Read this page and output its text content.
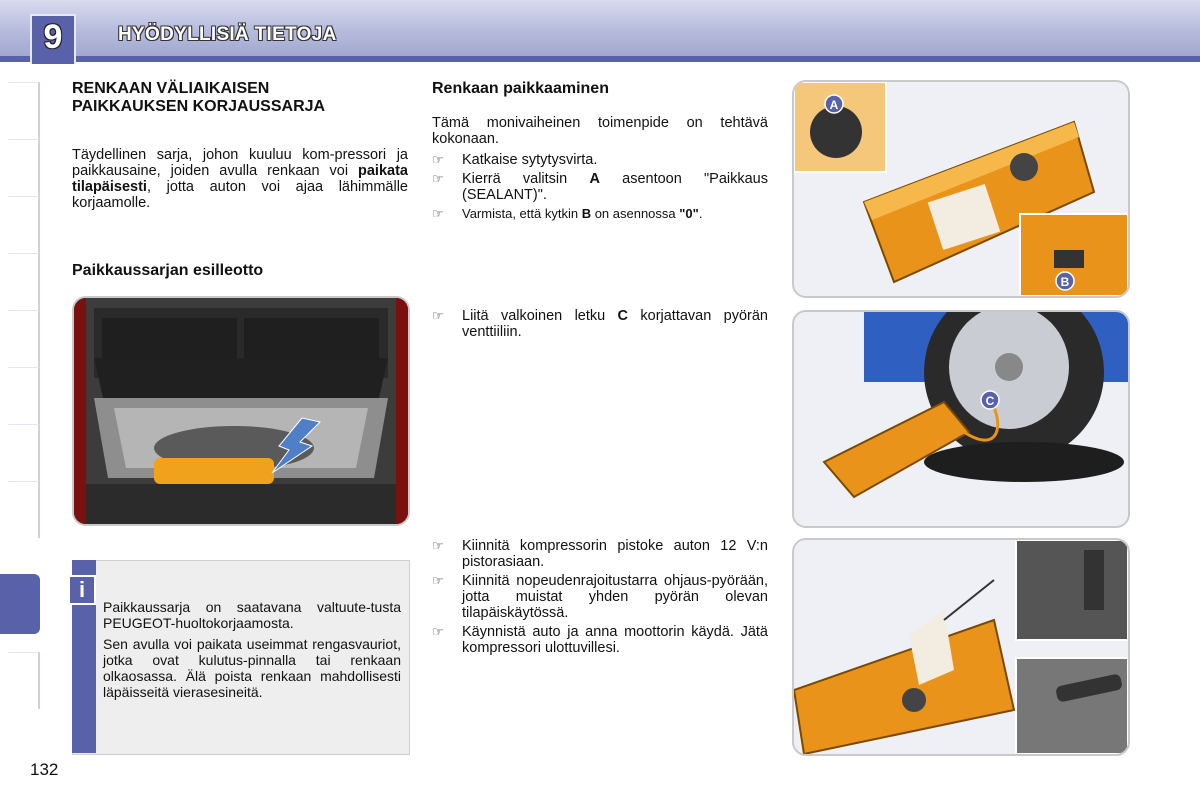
9	HYÖDYLLISIÄ TIETOJA
RENKAAN VÄLIAIKAISEN PAIKKAUKSEN KORJAUSSARJA
Täydellinen sarja, johon kuuluu kom-pressori ja paikkausaine, joiden avulla renkaan voi paikata tilapäisesti, jotta auton voi ajaa lähimmälle korjaamolle.
Paikkaussarjan esilleotto
i
Paikkaussarja on saatavana valtuute-tusta PEUGEOT-huoltokorjaamosta.
Sen avulla voi paikata useimmat rengasvauriot, jotka ovat kulutus-pinnalla tai renkaan olkaosassa. Älä poista renkaan mahdollisesti läpäisseitä vierasesineitä.
Renkaan paikkaaminen
Tämä monivaiheinen toimenpide on tehtävä kokonaan.
☞ Katkaise sytytysvirta.
☞ Kierrä valitsin A asentoon "Paikkaus (SEALANT)".
☞ Varmista, että kytkin B on asennossa "0".
☞ Liitä valkoinen letku C korjattavan pyörän venttiiliin.
☞ Kiinnitä kompressorin pistoke auton 12 V:n pistorasiaan.
☞ Kiinnitä nopeudenrajoitustarra ohjaus-pyörään, jotta muistat yhden pyörän olevan tilapäiskäytössä.
☞ Käynnistä auto ja anna moottorin käydä. Jätä kompressori ulottuvillesi.
A
B
C
132
